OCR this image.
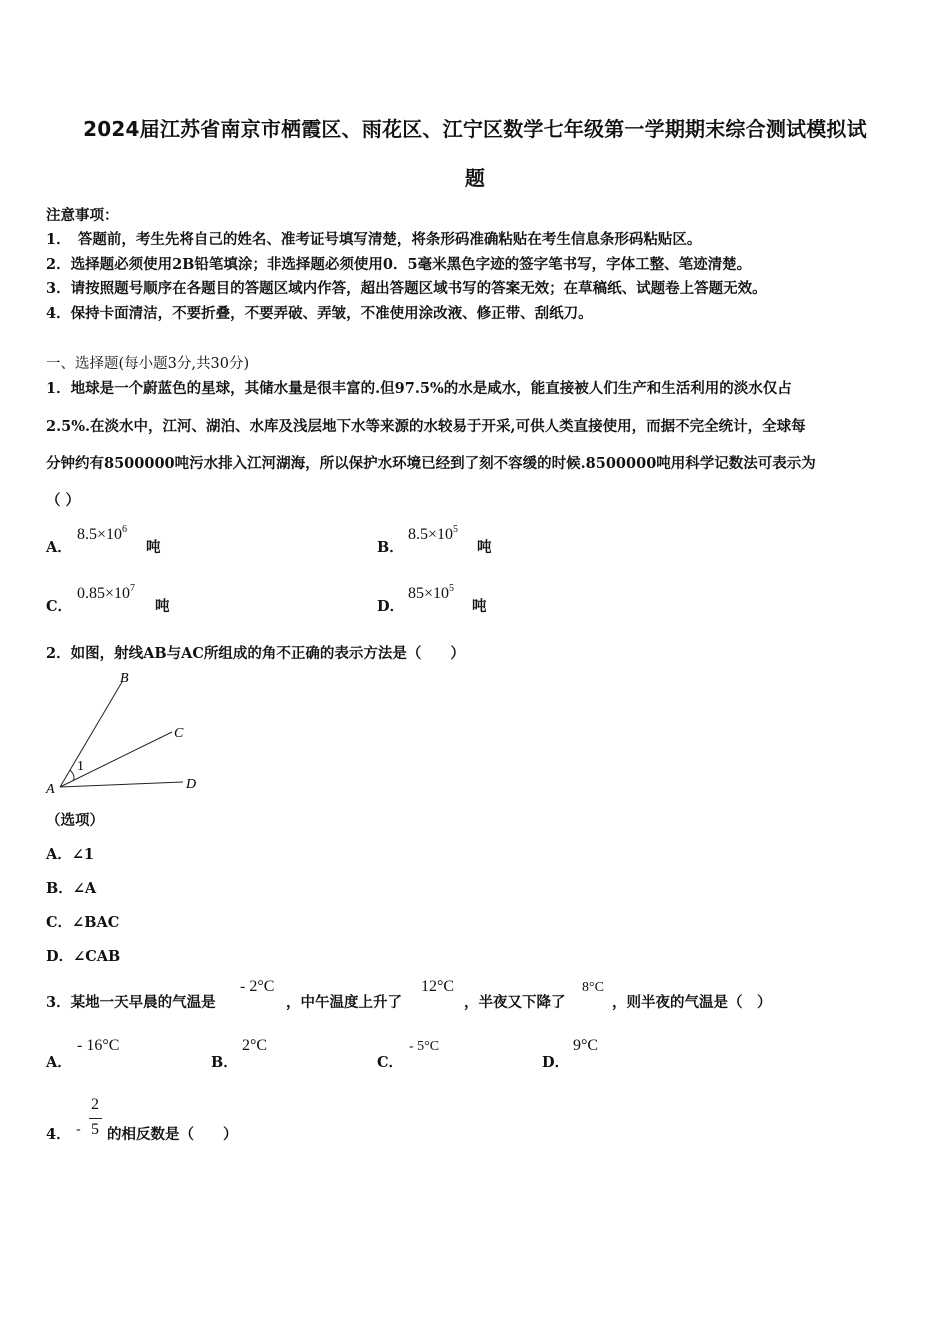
2024届江苏省南京市栖霞区、雨花区、江宁区数学七年级第一学期期末综合测试模拟试
题
注意事项：
1．　答题前，考生先将自己的姓名、准考证号填写清楚，将条形码准确粘贴在考生信息条形码粘贴区。
2．选择题必须使用2B铅笔填涂；非选择题必须使用0．5毫米黑色字迹的签字笔书写，字体工整、笔迹清楚。
3．请按照题号顺序在各题目的答题区域内作答，超出答题区域书写的答案无效；在草稿纸、试题卷上答题无效。
4．保持卡面清洁，不要折叠，不要弄破、弄皱，不准使用涂改液、修正带、刮纸刀。
一、选择题(每小题3分,共30分)
1．地球是一个蔚蓝色的星球，其储水量是很丰富的.但97.5%的水是咸水，能直接被人们生产和生活利用的淡水仅占
2.5%.在淡水中，江河、湖泊、水库及浅层地下水等来源的水较易于开采,可供人类直接使用，而据不完全统计，全球每
分钟约有8500000吨污水排入江河湖海，所以保护水环境已经到了刻不容缓的时候.8500000吨用科学记数法可表示为
（ ）
A．
$8.5\times 10^6$
吨	B．
$8.5\times 10^5$
吨
C．
$0.85\times 10^7$
吨	D．
$85\times 10^5$
吨
2．如图，射线AB与AC所组成的角不正确的表示方法是（　　）
A
B
C
D
1
（选项）
A．∠1
B．∠A
C．∠BAC
D．∠CAB
3．某地一天早晨的气温是
- 2°C
，中午温度上升了
12°C
，半夜又下降了
8°C
，则半夜的气温是（　）
A．
- 16°C
B．
2°C
C．
- 5°C
D．
9°C
4． -
2
5 的相反数是（　　）
